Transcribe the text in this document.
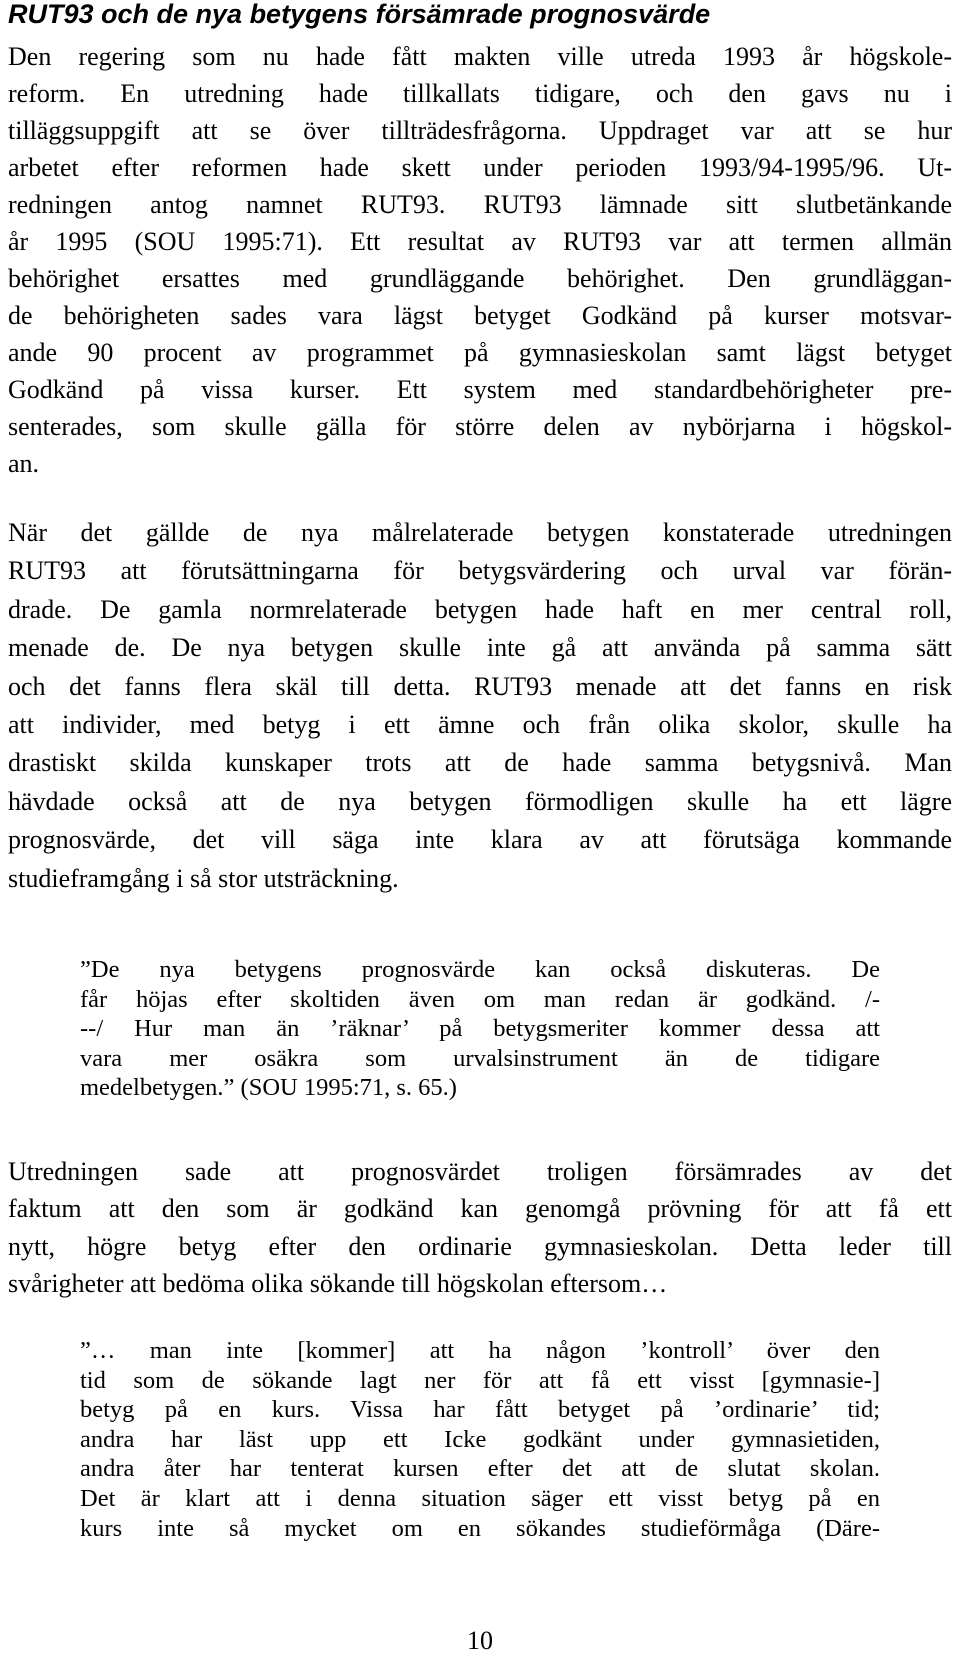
RUT93 och de nya betygens försämrade prognosvärde
Den regering som nu hade fått makten ville utreda 1993 år högskole-
reform. En utredning hade tillkallats tidigare, och den gavs nu i
tilläggsuppgift att se över tillträdesfrågorna. Uppdraget var att se hur
arbetet efter reformen hade skett under perioden 1993/94-1995/96. Ut-
redningen antog namnet RUT93. RUT93 lämnade sitt slutbetänkande
år 1995 (SOU 1995:71). Ett resultat av RUT93 var att termen allmän
behörighet ersattes med grundläggande behörighet. Den grundläggan-
de behörigheten sades vara lägst betyget Godkänd på kurser motsvar-
ande 90 procent av programmet på gymnasieskolan samt lägst betyget
Godkänd på vissa kurser. Ett system med standardbehörigheter pre-
senterades, som skulle gälla för större delen av nybörjarna i högskol-
an.
När det gällde de nya målrelaterade betygen konstaterade utredningen
RUT93 att förutsättningarna för betygsvärdering och urval var förän-
drade. De gamla normrelaterade betygen hade haft en mer central roll,
menade de. De nya betygen skulle inte gå att använda på samma sätt
och det fanns flera skäl till detta. RUT93 menade att det fanns en risk
att individer, med betyg i ett ämne och från olika skolor, skulle ha
drastiskt skilda kunskaper trots att de hade samma betygsnivå. Man
hävdade också att de nya betygen förmodligen skulle ha ett lägre
prognosvärde, det vill säga inte klara av att förutsäga kommande
studieframgång i så stor utsträckning.
”De nya betygens prognosvärde kan också diskuteras. De
får höjas efter skoltiden även om man redan är godkänd. /-
--/ Hur man än ’räknar’ på betygsmeriter kommer dessa att
vara mer osäkra som urvalsinstrument än de tidigare
medelbetygen.” (SOU 1995:71, s. 65.)
Utredningen sade att prognosvärdet troligen försämrades av det
faktum att den som är godkänd kan genomgå prövning för att få ett
nytt, högre betyg efter den ordinarie gymnasieskolan. Detta leder till
svårigheter att bedöma olika sökande till högskolan eftersom…
”… man inte [kommer] att ha någon ’kontroll’ över den
tid som de sökande lagt ner för att få ett visst [gymnasie-]
betyg på en kurs. Vissa har fått betyget på ’ordinarie’ tid;
andra har läst upp ett Icke godkänt under gymnasietiden,
andra åter har tenterat kursen efter det att de slutat skolan.
Det är klart att i denna situation säger ett visst betyg på en
kurs inte så mycket om en sökandes studieförmåga (Däre-
10
